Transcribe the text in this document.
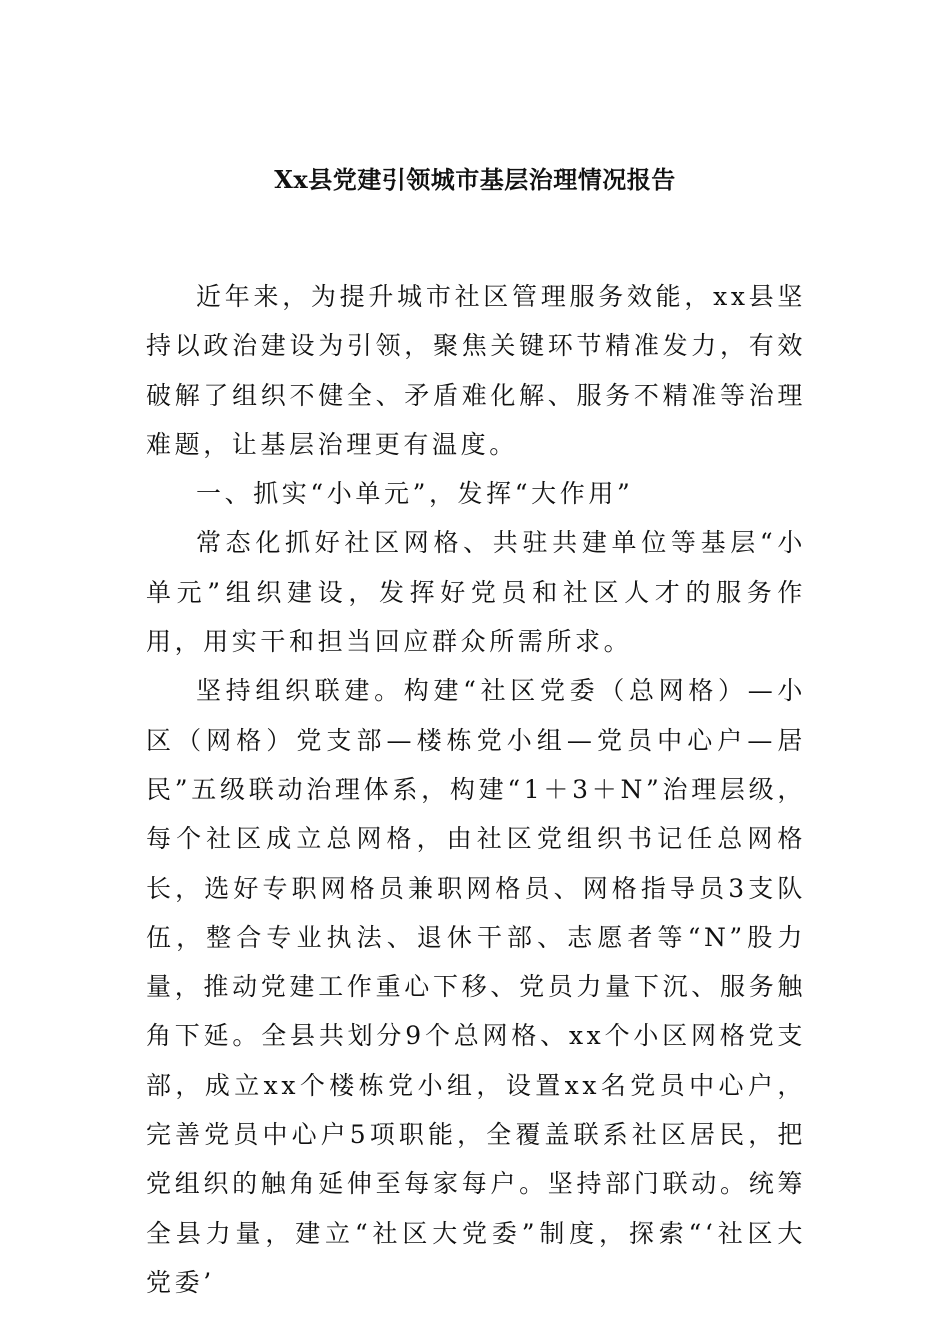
Xx县党建引领城市基层治理情况报告

近年来，为提升城市社区管理服务效能，xx县坚持以政治建设为引领，聚焦关键环节精准发力，有效破解了组织不健全、矛盾难化解、服务不精准等治理难题，让基层治理更有温度。

一、抓实“小单元”，发挥“大作用”

常态化抓好社区网格、共驻共建单位等基层“小单元”组织建设，发挥好党员和社区人才的服务作用，用实干和担当回应群众所需所求。

坚持组织联建。构建“社区党委（总网格）—小区（网格）党支部—楼栋党小组—党员中心户—居民”五级联动治理体系，构建“1＋3＋N”治理层级，每个社区成立总网格，由社区党组织书记任总网格长，选好专职网格员兼职网格员、网格指导员3支队伍，整合专业执法、退休干部、志愿者等“N”股力量，推动党建工作重心下移、党员力量下沉、服务触角下延。全县共划分9个总网格、xx个小区网格党支部，成立xx个楼栋党小组，设置xx名党员中心户，完善党员中心户5项职能，全覆盖联系社区居民，把党组织的触角延伸至每家每户。坚持部门联动。统筹全县力量，建立“社区大党委”制度，探索“‘社区大党委’
